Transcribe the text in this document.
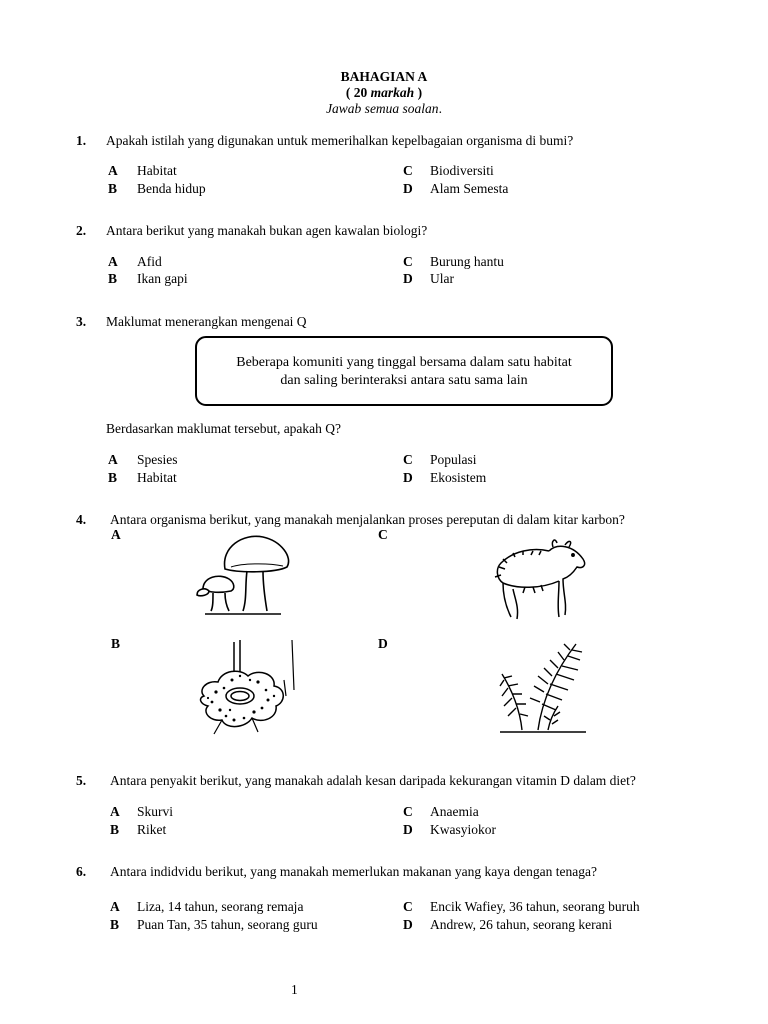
BAHAGIAN A
( 20 markah )
Jawab semua soalan.
1. Apakah istilah yang digunakan untuk memerihalkan kepelbagaian organisma di bumi?
A Habitat
B Benda hidup
C Biodiversiti
D Alam Semesta
2. Antara berikut yang manakah bukan agen kawalan biologi?
A Afid
B Ikan gapi
C Burung hantu
D Ular
3. Maklumat menerangkan mengenai Q
Beberapa komuniti yang tinggal bersama dalam satu habitat
dan saling berinteraksi antara satu sama lain
Berdasarkan maklumat tersebut, apakah Q?
A Spesies
B Habitat
C Populasi
D Ekosistem
4. Antara organisma berikut, yang manakah menjalankan proses pereputan di dalam kitar karbon?
A	C
B	D
5. Antara penyakit berikut, yang manakah adalah kesan daripada kekurangan vitamin D dalam diet?
A Skurvi
B Riket
C Anaemia
D Kwasyiokor
6. Antara indidvidu berikut, yang manakah memerlukan makanan yang kaya dengan tenaga?
A Liza, 14 tahun, seorang remaja
B Puan Tan, 35 tahun, seorang guru
C Encik Wafiey, 36 tahun, seorang buruh
D Andrew, 26 tahun, seorang kerani
1
